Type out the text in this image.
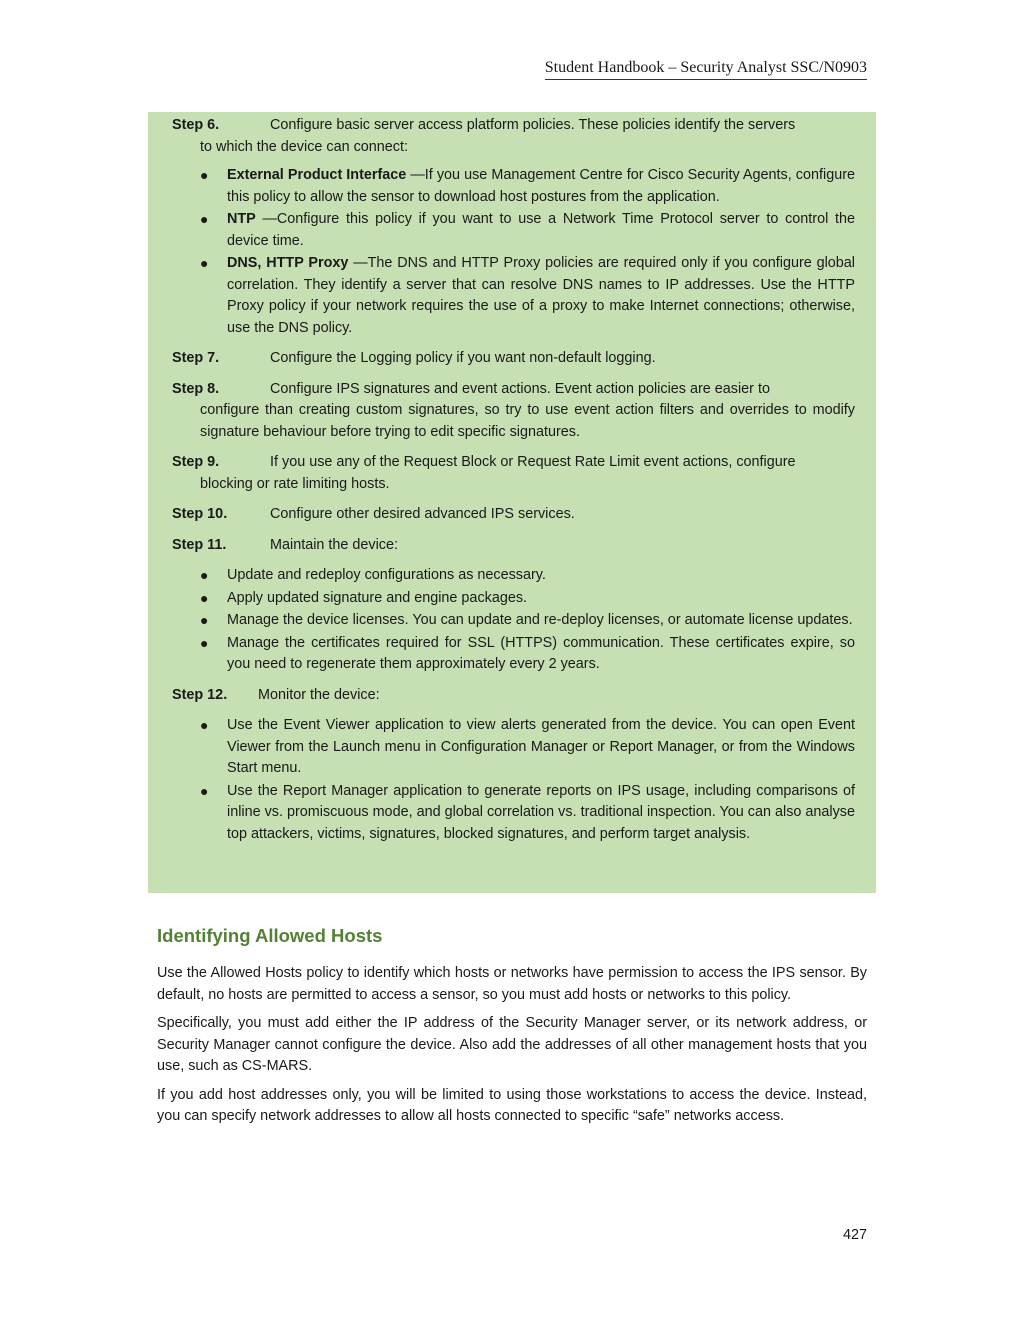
Student Handbook – Security Analyst SSC/N0903
Step 6.	Configure basic server access platform policies. These policies identify the servers
to which the device can connect:
● External Product Interface —If you use Management Centre for Cisco Security Agents, configure this policy to allow the sensor to download host postures from the application.
● NTP —Configure this policy if you want to use a Network Time Protocol server to control the device time.
● DNS, HTTP Proxy —The DNS and HTTP Proxy policies are required only if you configure global correlation. They identify a server that can resolve DNS names to IP addresses. Use the HTTP Proxy policy if your network requires the use of a proxy to make Internet connections; otherwise, use the DNS policy.
Step 7.	Configure the Logging policy if you want non-default logging.
Step 8.	Configure IPS signatures and event actions. Event action policies are easier to
configure than creating custom signatures, so try to use event action filters and overrides to modify signature behaviour before trying to edit specific signatures.
Step 9.	If you use any of the Request Block or Request Rate Limit event actions, configure
blocking or rate limiting hosts.
Step 10.	Configure other desired advanced IPS services.
Step 11.	Maintain the device:
● Update and redeploy configurations as necessary.
● Apply updated signature and engine packages.
● Manage the device licenses. You can update and re-deploy licenses, or automate license updates.
● Manage the certificates required for SSL (HTTPS) communication. These certificates expire, so you need to regenerate them approximately every 2 years.
Step 12. Monitor the device:
● Use the Event Viewer application to view alerts generated from the device. You can open Event Viewer from the Launch menu in Configuration Manager or Report Manager, or from the Windows Start menu.
● Use the Report Manager application to generate reports on IPS usage, including comparisons of inline vs. promiscuous mode, and global correlation vs. traditional inspection. You can also analyse top attackers, victims, signatures, blocked signatures, and perform target analysis.
Identifying Allowed Hosts

Use the Allowed Hosts policy to identify which hosts or networks have permission to access the IPS sensor. By default, no hosts are permitted to access a sensor, so you must add hosts or networks to this policy.

Specifically, you must add either the IP address of the Security Manager server, or its network address, or Security Manager cannot configure the device. Also add the addresses of all other management hosts that you use, such as CS-MARS.

If you add host addresses only, you will be limited to using those workstations to access the device. Instead, you can specify network addresses to allow all hosts connected to specific “safe” networks access.

427
